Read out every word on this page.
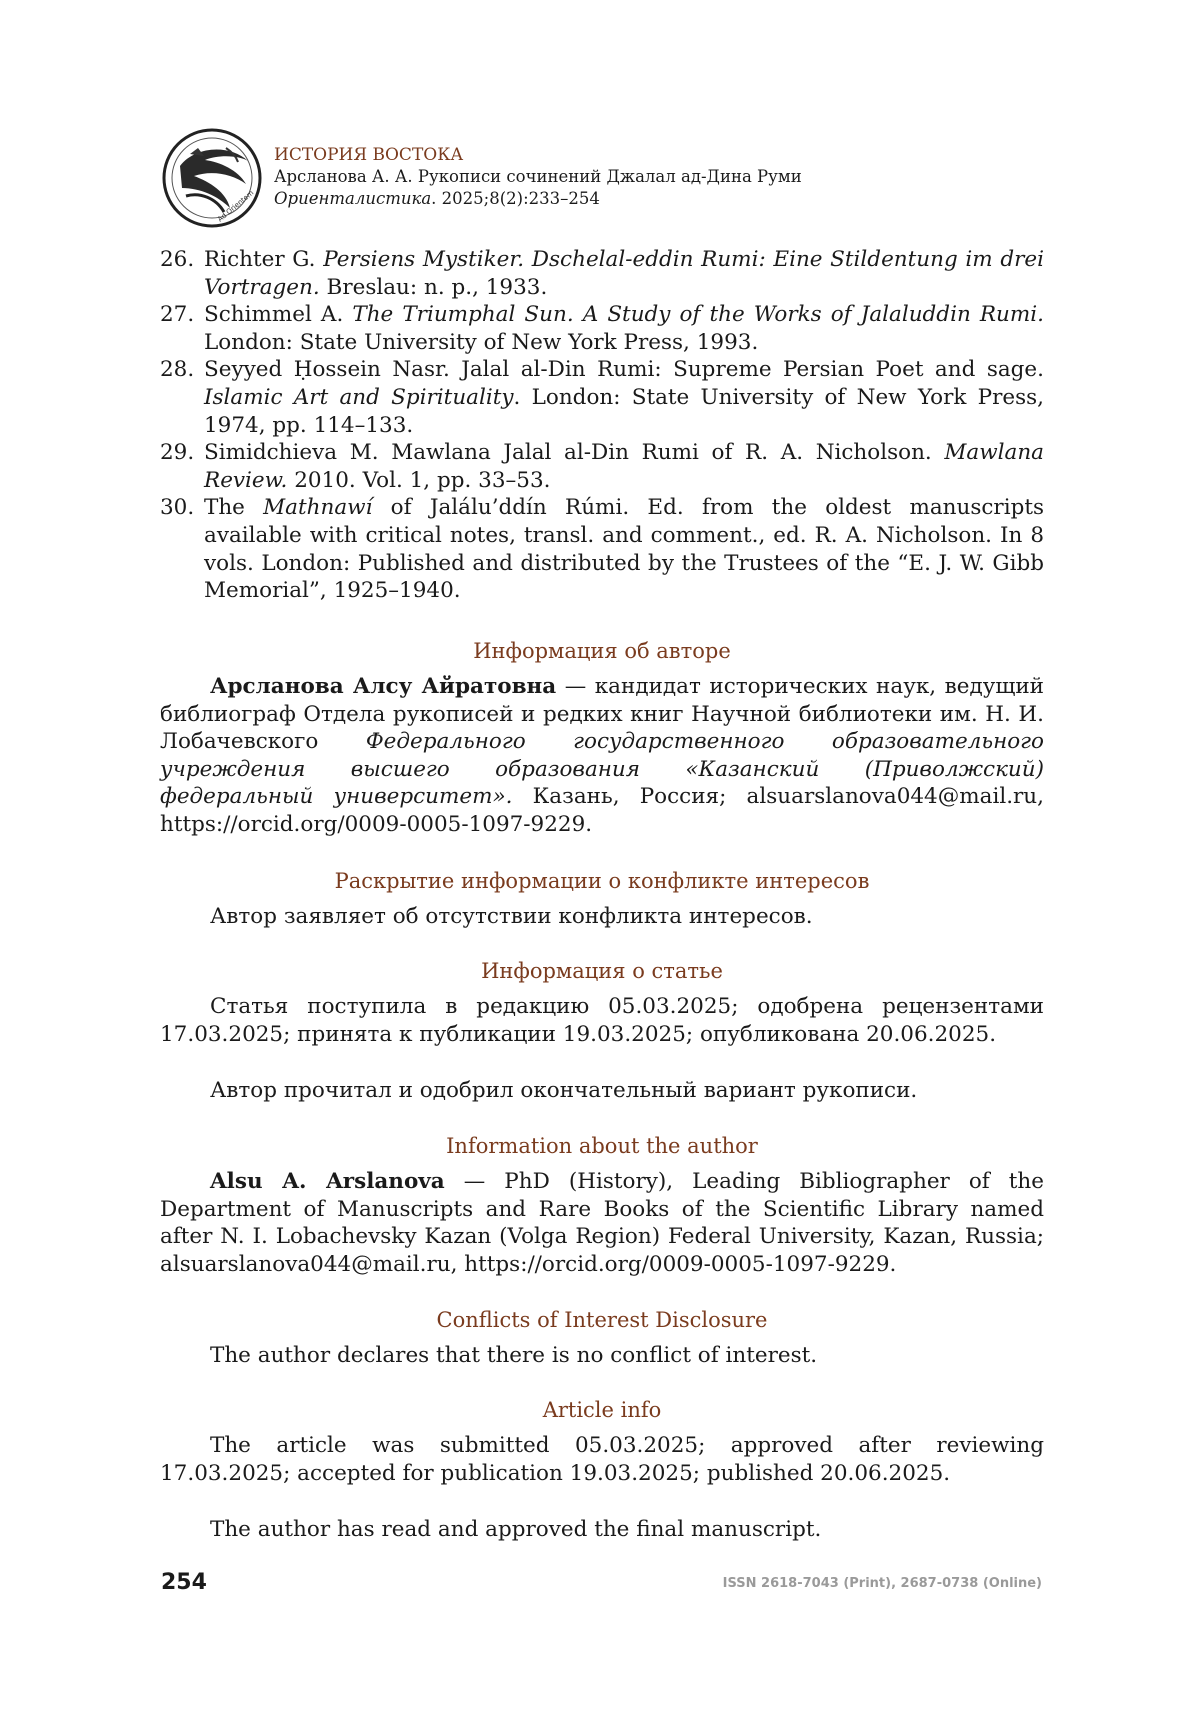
Ad Orientem
ИСТОРИЯ ВОСТОКА
Арсланова А. А. Рукописи сочинений Джалал ад-Дина Руми
Ориенталистика. 2025;8(2):233–254
26. Richter G. Persiens Mystiker. Dschelal-eddin Rumi: Eine Stildentung im drei Vortragen. Breslau: n. p., 1933.
27. Schimmel A. The Triumphal Sun. A Study of the Works of Jalaluddin Rumi. London: State University of New York Press, 1993.
28. Seyyed Ḥossein Nasr. Jalal al-Din Rumi: Supreme Persian Poet and sage. Islamic Art and Spirituality. London: State University of New York Press, 1974, pp. 114–133.
29. Simidchieva M. Mawlana Jalal al-Din Rumi of R. A. Nicholson. Mawlana Review. 2010. Vol. 1, pp. 33–53.
30. The Mathnawí of Jalálu’ddín Rúmi. Ed. from the oldest manuscripts available with critical notes, transl. and comment., ed. R. A. Nicholson. In 8 vols. London: Published and distributed by the Trustees of the “E. J. W. Gibb Memorial”, 1925–1940.
Информация об авторе

Арсланова Алсу Айратовна — кандидат исторических наук, ведущий библиограф Отдела рукописей и редких книг Научной библиотеки им. Н. И. Лобачевского Федерального государственного образовательного учреждения высшего образования «Казанский (Приволжский) федеральный университет». Казань, Россия; alsuarslanova044@mail.ru, https://orcid.org/0009-0005-1097-9229.

Раскрытие информации о конфликте интересов

Автор заявляет об отсутствии конфликта интересов.

Информация о статье

Статья поступила в редакцию 05.03.2025; одобрена рецензентами 17.03.2025; принята к публикации 19.03.2025; опубликована 20.06.2025.

Автор прочитал и одобрил окончательный вариант рукописи.

Information about the author

Alsu A. Arslanova — PhD (History), Leading Bibliographer of the Department of Manuscripts and Rare Books of the Scientific Library named after N. I. Lobachevsky Kazan (Volga Region) Federal University, Kazan, Russia; alsuarslanova044@mail.ru, https://orcid.org/0009-0005-1097-9229.

Conflicts of Interest Disclosure

The author declares that there is no conflict of interest.

Article info

The article was submitted 05.03.2025; approved after reviewing 17.03.2025; accepted for publication 19.03.2025; published 20.06.2025.

The author has read and approved the final manuscript.

254	ISSN 2618-7043 (Print), 2687-0738 (Online)
